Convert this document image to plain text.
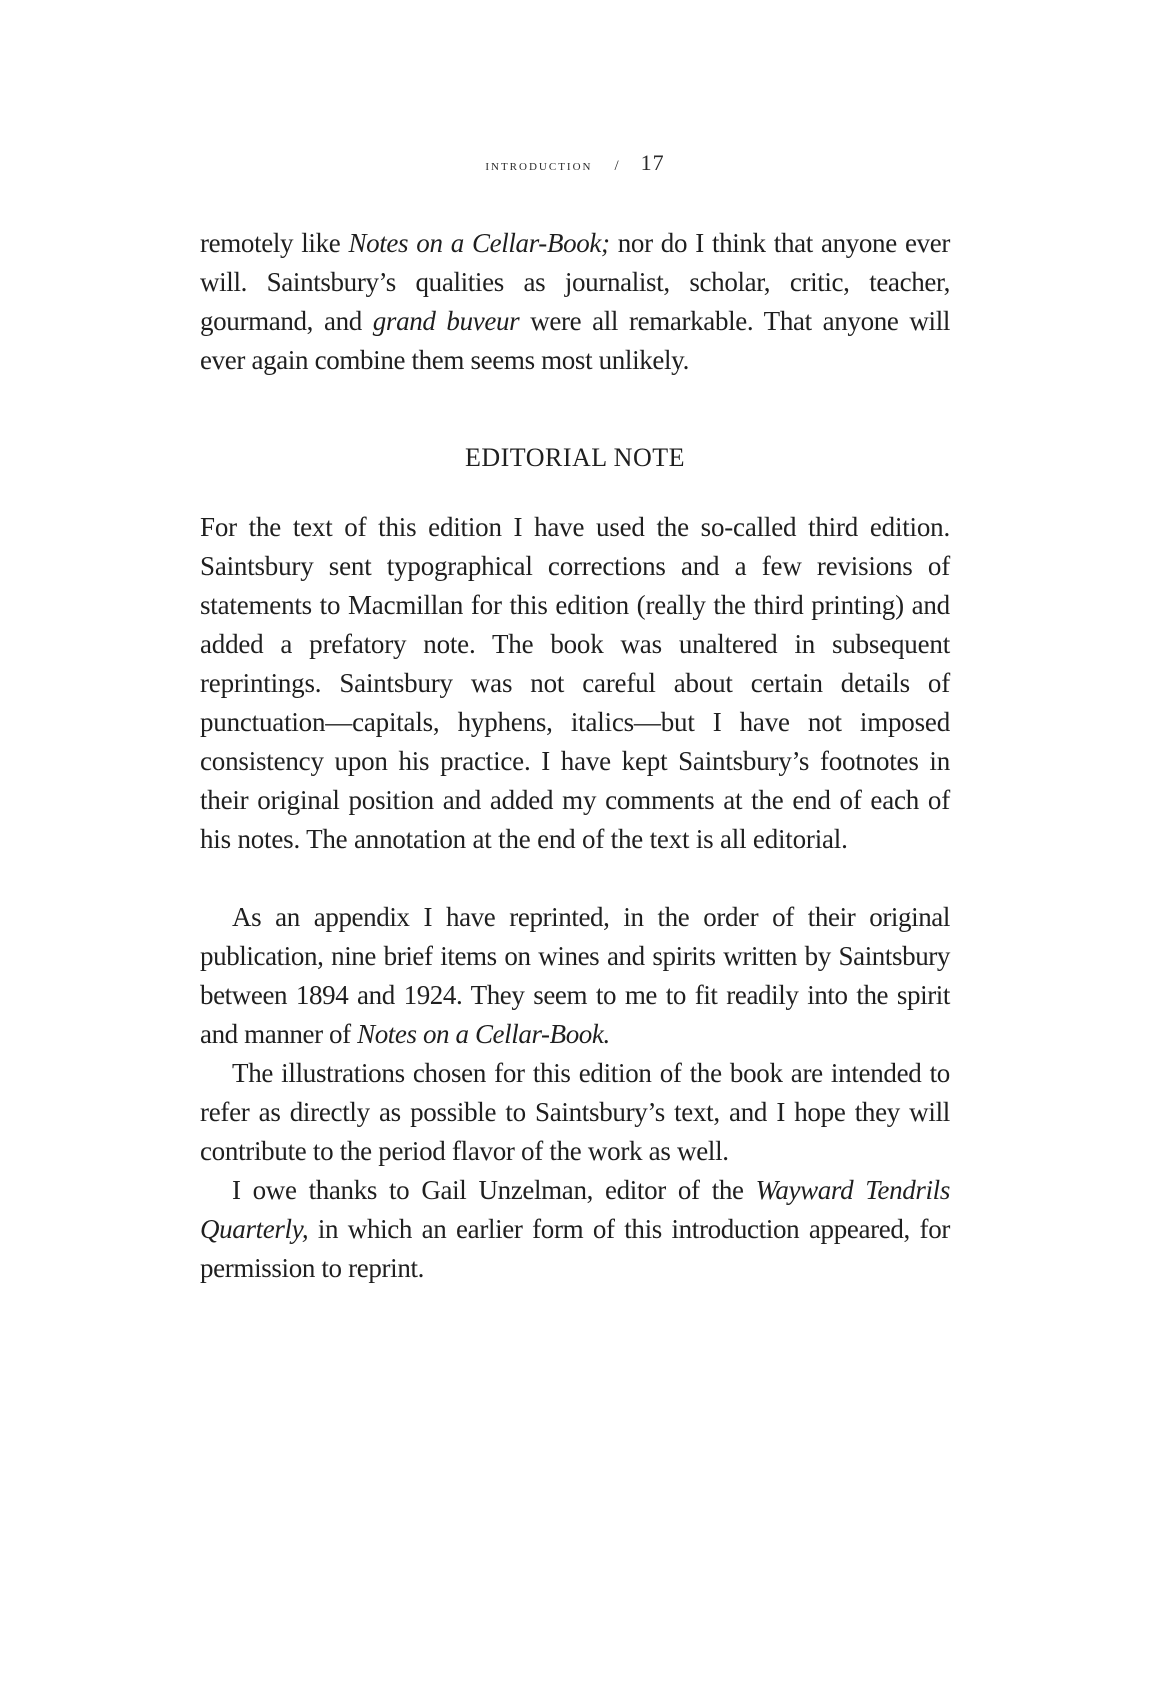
introduction / 17

remotely like Notes on a Cellar-Book; nor do I think that anyone ever will. Saintsbury’s qualities as journalist, scholar, critic, teacher, gourmand, and grand buveur were all remarkable. That anyone will ever again combine them seems most unlikely.

EDITORIAL NOTE

For the text of this edition I have used the so-called third edition. Saintsbury sent typographical corrections and a few revisions of statements to Macmillan for this edition (really the third printing) and added a prefatory note. The book was unaltered in subsequent reprintings. Saintsbury was not careful about certain details of punctuation—capitals, hyphens, italics—but I have not imposed consistency upon his practice. I have kept Saintsbury’s footnotes in their original position and added my comments at the end of each of his notes. The annotation at the end of the text is all editorial.

As an appendix I have reprinted, in the order of their original publication, nine brief items on wines and spirits written by Saintsbury between 1894 and 1924. They seem to me to fit readily into the spirit and manner of Notes on a Cellar-Book.

The illustrations chosen for this edition of the book are intended to refer as directly as possible to Saintsbury’s text, and I hope they will contribute to the period flavor of the work as well.

I owe thanks to Gail Unzelman, editor of the Wayward Tendrils Quarterly, in which an earlier form of this introduction appeared, for permission to reprint.
